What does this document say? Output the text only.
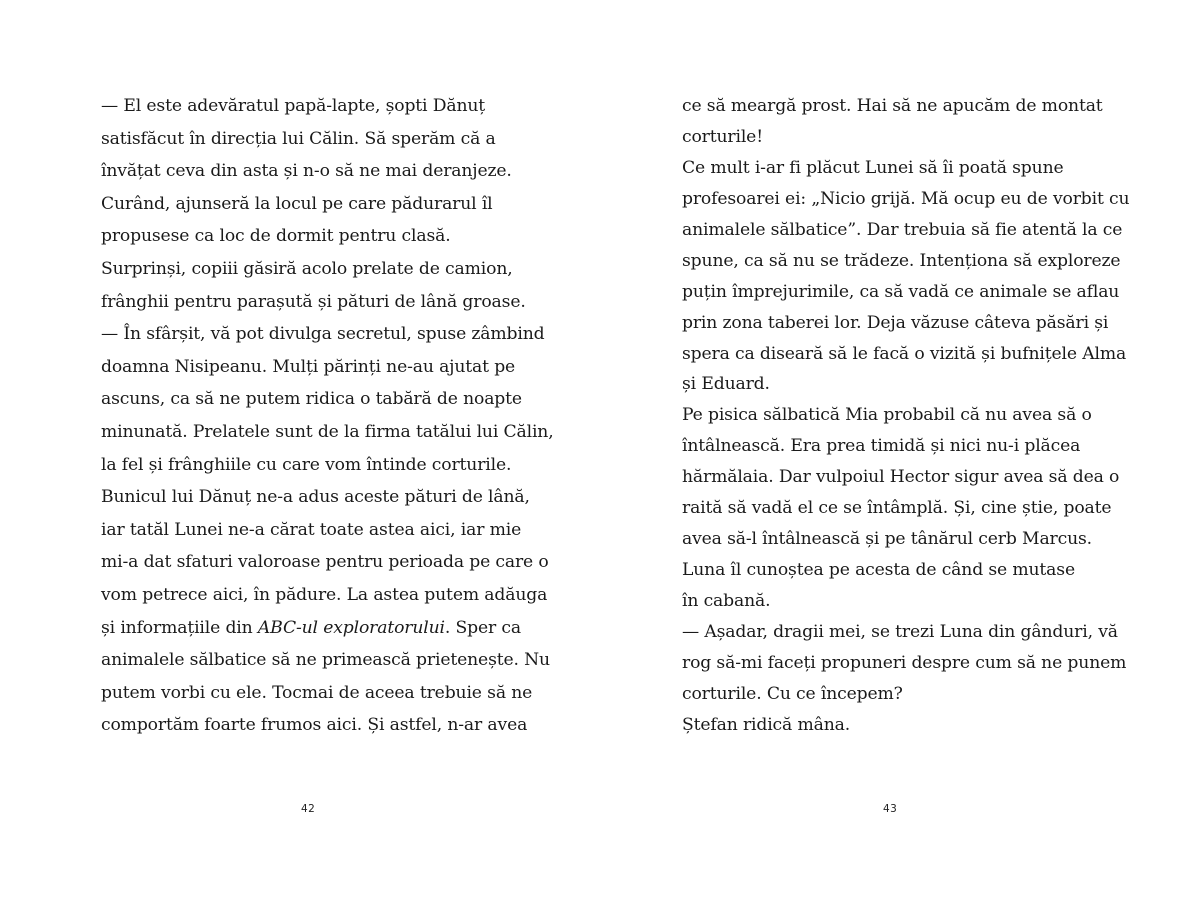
— El este adevăratul papă-lapte, șopti Dănuț
satisfăcut în direcția lui Călin. Să sperăm că a
învățat ceva din asta și n-o să ne mai deranjeze.
Curând, ajunseră la locul pe care pădurarul îl
propusese ca loc de dormit pentru clasă.
Surprinși, copiii găsiră acolo prelate de camion,
frânghii pentru parașută și pături de lână groase.
— În sfârșit, vă pot divulga secretul, spuse zâmbind
doamna Nisipeanu. Mulți părinți ne-au ajutat pe
ascuns, ca să ne putem ridica o tabără de noapte
minunată. Prelatele sunt de la firma tatălui lui Călin,
la fel și frânghiile cu care vom întinde corturile.
Bunicul lui Dănuț ne-a adus aceste pături de lână,
iar tatăl Lunei ne-a cărat toate astea aici, iar mie
mi-a dat sfaturi valoroase pentru perioada pe care o
vom petrece aici, în pădure. La astea putem adăuga
și informațiile din ABC-ul exploratorului. Sper ca
animalele sălbatice să ne primească prietenește. Nu
putem vorbi cu ele. Tocmai de aceea trebuie să ne
comportăm foarte frumos aici. Și astfel, n-ar avea
42
ce să meargă prost. Hai să ne apucăm de montat
corturile!
Ce mult i-ar fi plăcut Lunei să îi poată spune
profesoarei ei: „Nicio grijă. Mă ocup eu de vorbit cu
animalele sălbatice”. Dar trebuia să fie atentă la ce
spune, ca să nu se trădeze. Intenționa să exploreze
puțin împrejurimile, ca să vadă ce animale se aflau
prin zona taberei lor. Deja văzuse câteva păsări și
spera ca diseară să le facă o vizită și bufnițele Alma
și Eduard.
Pe pisica sălbatică Mia probabil că nu avea să o
întâlnească. Era prea timidă și nici nu-i plăcea
hărmălaia. Dar vulpoiul Hector sigur avea să dea o
raită să vadă el ce se întâmplă. Și, cine știe, poate
avea să-l întâlnească și pe tânărul cerb Marcus.
Luna îl cunoștea pe acesta de când se mutase
în cabană.
— Așadar, dragii mei, se trezi Luna din gânduri, vă
rog să-mi faceți propuneri despre cum să ne punem
corturile. Cu ce începem?
Ștefan ridică mâna.
43
